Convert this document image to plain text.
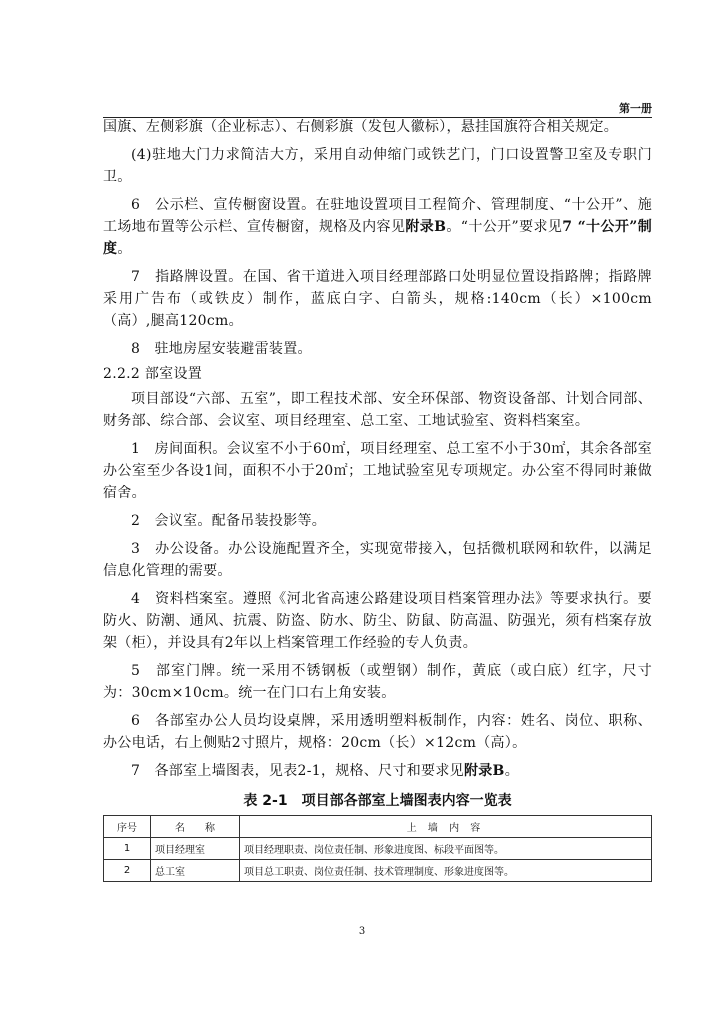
第一册

国旗、左侧彩旗（企业标志）、右侧彩旗（发包人徽标），悬挂国旗符合相关规定。

(4)驻地大门力求简洁大方，采用自动伸缩门或铁艺门，门口设置警卫室及专职门卫。

6　公示栏、宣传橱窗设置。在驻地设置项目工程简介、管理制度、“十公开”、施工场地布置等公示栏、宣传橱窗，规格及内容见附录B。“十公开”要求见7 “十公开”制度。

7　指路牌设置。在国、省干道进入项目经理部路口处明显位置设指路牌；指路牌采用广告布（或铁皮）制作，蓝底白字、白箭头，规格:140cm（长）×100cm（高）,腿高120cm。

8　驻地房屋安装避雷装置。

2.2.2 部室设置

项目部设“六部、五室”，即工程技术部、安全环保部、物资设备部、计划合同部、财务部、综合部、会议室、项目经理室、总工室、工地试验室、资料档案室。

1　房间面积。会议室不小于60㎡，项目经理室、总工室不小于30㎡，其余各部室办公室至少各设1间，面积不小于20㎡；工地试验室见专项规定。办公室不得同时兼做宿舍。

2　会议室。配备吊装投影等。

3　办公设备。办公设施配置齐全，实现宽带接入，包括微机联网和软件，以满足信息化管理的需要。

4　资料档案室。遵照《河北省高速公路建设项目档案管理办法》等要求执行。要防火、防潮、通风、抗震、防盗、防水、防尘、防鼠、防高温、防强光，须有档案存放架（柜），并设具有2年以上档案管理工作经验的专人负责。

5　部室门牌。统一采用不锈钢板（或塑钢）制作，黄底（或白底）红字，尺寸为：30cm×10cm。统一在门口右上角安装。

6　各部室办公人员均设桌牌，采用透明塑料板制作，内容：姓名、岗位、职称、办公电话，右上侧贴2寸照片，规格：20cm（长）×12cm（高）。

7　各部室上墙图表，见表2-1，规格、尺寸和要求见附录B。

表 2-1　项目部各部室上墙图表内容一览表
序号	名　　称	上 墙 内 容
1	项目经理室	项目经理职责、岗位责任制、形象进度图、标段平面图等。
2	总工室	项目总工职责、岗位责任制、技术管理制度、形象进度图等。
3
